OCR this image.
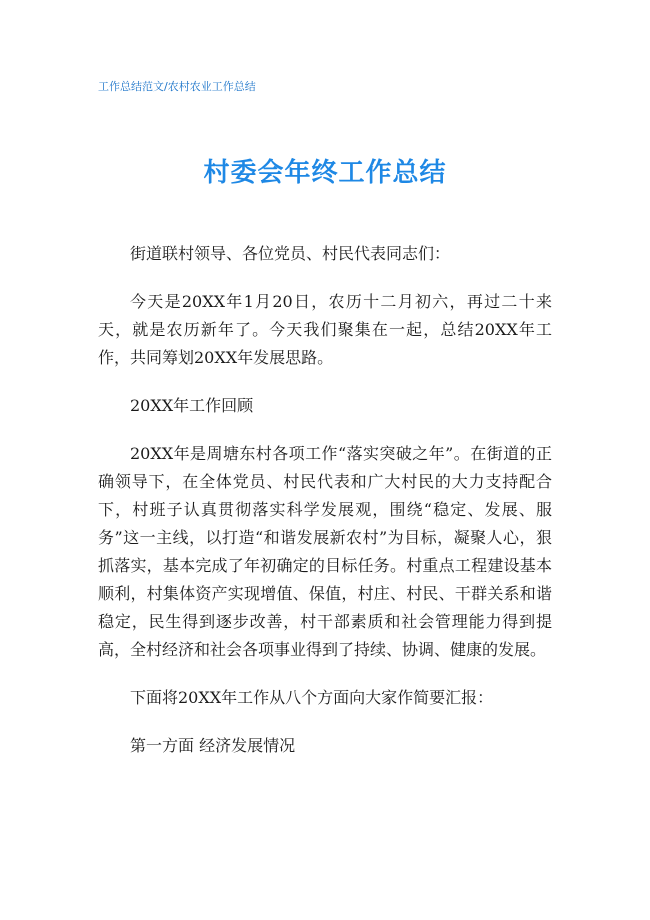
工作总结范文/农村农业工作总结
村委会年终工作总结

街道联村领导、各位党员、村民代表同志们：

今天是20XX年1月20日，农历十二月初六，再过二十来天，就是农历新年了。今天我们聚集在一起，总结20XX年工作，共同筹划20XX年发展思路。

20XX年工作回顾

20XX年是周塘东村各项工作“落实突破之年”。在街道的正确领导下，在全体党员、村民代表和广大村民的大力支持配合下，村班子认真贯彻落实科学发展观，围绕“稳定、发展、服务”这一主线，以打造“和谐发展新农村”为目标，凝聚人心，狠抓落实，基本完成了年初确定的目标任务。村重点工程建设基本顺利，村集体资产实现增值、保值，村庄、村民、干群关系和谐稳定，民生得到逐步改善，村干部素质和社会管理能力得到提高，全村经济和社会各项事业得到了持续、协调、健康的发展。

下面将20XX年工作从八个方面向大家作简要汇报：

第一方面 经济发展情况
